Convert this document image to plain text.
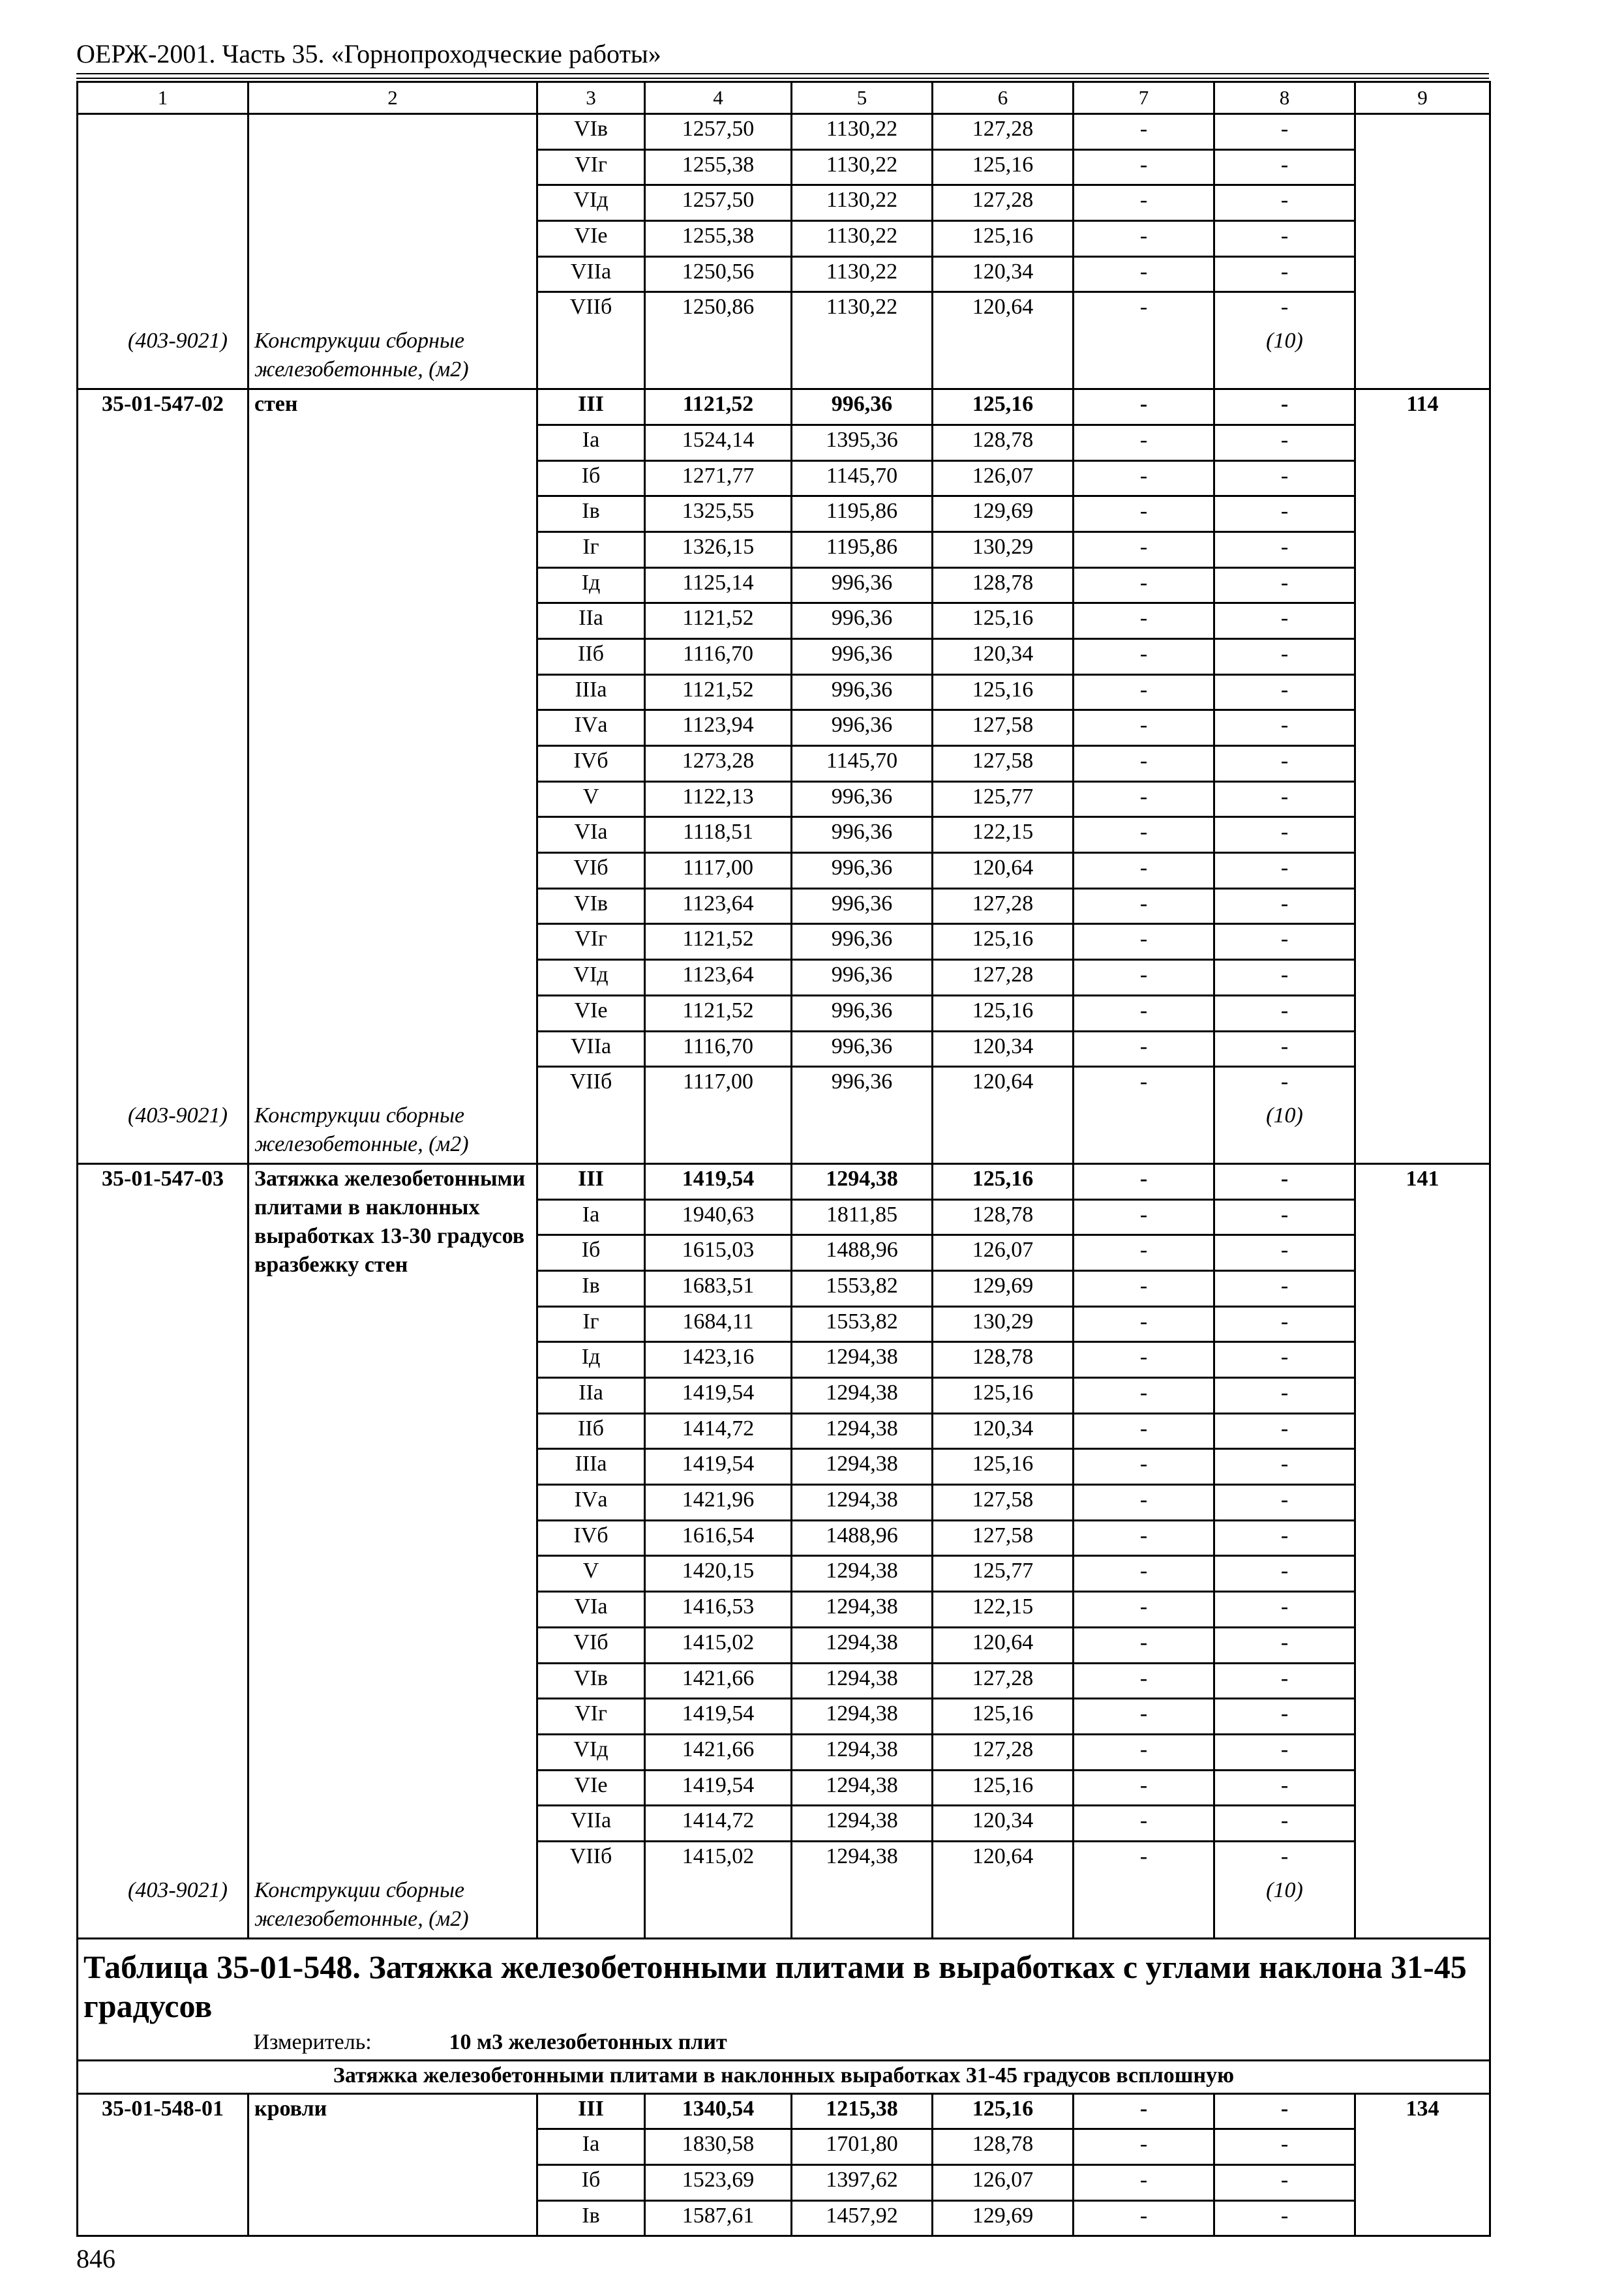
ОЕРЖ-2001. Часть 35. «Горнопроходческие работы»
1	2	3	4	5	6	7	8	9
		VIв	1257,50	1130,22	127,28	-	-	
		VIг	1255,38	1130,22	125,16	-	-	
		VIд	1257,50	1130,22	127,28	-	-	
		VIе	1255,38	1130,22	125,16	-	-	
		VIIа	1250,56	1130,22	120,34	-	-	
		VIIб	1250,86	1130,22	120,64	-	-	
(403-9021)	Конструкции сборные железобетонные, (м2)						(10)	
35-01-547-02	стен	III	1121,52	996,36	125,16	-	-	114
		Iа	1524,14	1395,36	128,78	-	-	
		Iб	1271,77	1145,70	126,07	-	-	
		Iв	1325,55	1195,86	129,69	-	-	
		Iг	1326,15	1195,86	130,29	-	-	
		Iд	1125,14	996,36	128,78	-	-	
		IIа	1121,52	996,36	125,16	-	-	
		IIб	1116,70	996,36	120,34	-	-	
		IIIа	1121,52	996,36	125,16	-	-	
		IVа	1123,94	996,36	127,58	-	-	
		IVб	1273,28	1145,70	127,58	-	-	
		V	1122,13	996,36	125,77	-	-	
		VIа	1118,51	996,36	122,15	-	-	
		VIб	1117,00	996,36	120,64	-	-	
		VIв	1123,64	996,36	127,28	-	-	
		VIг	1121,52	996,36	125,16	-	-	
		VIд	1123,64	996,36	127,28	-	-	
		VIе	1121,52	996,36	125,16	-	-	
		VIIа	1116,70	996,36	120,34	-	-	
		VIIб	1117,00	996,36	120,64	-	-	
(403-9021)	Конструкции сборные железобетонные, (м2)						(10)	
35-01-547-03	Затяжка железобетонными плитами в наклонных выработках 13-30 градусов вразбежку стен	III	1419,54	1294,38	125,16	-	-	141
		Iа	1940,63	1811,85	128,78	-	-	
		Iб	1615,03	1488,96	126,07	-	-	
		Iв	1683,51	1553,82	129,69	-	-	
		Iг	1684,11	1553,82	130,29	-	-	
		Iд	1423,16	1294,38	128,78	-	-	
		IIа	1419,54	1294,38	125,16	-	-	
		IIб	1414,72	1294,38	120,34	-	-	
		IIIа	1419,54	1294,38	125,16	-	-	
		IVа	1421,96	1294,38	127,58	-	-	
		IVб	1616,54	1488,96	127,58	-	-	
		V	1420,15	1294,38	125,77	-	-	
		VIа	1416,53	1294,38	122,15	-	-	
		VIб	1415,02	1294,38	120,64	-	-	
		VIв	1421,66	1294,38	127,28	-	-	
		VIг	1419,54	1294,38	125,16	-	-	
		VIд	1421,66	1294,38	127,28	-	-	
		VIе	1419,54	1294,38	125,16	-	-	
		VIIа	1414,72	1294,38	120,34	-	-	
		VIIб	1415,02	1294,38	120,64	-	-	
(403-9021)	Конструкции сборные железобетонные, (м2)						(10)	
Таблица 35-01-548. Затяжка железобетонными плитами в выработках с углами наклона 31-45 градусов								
	Измеритель: 10 м3 железобетонных плит							
Затяжка железобетонными плитами в наклонных выработках 31-45 градусов всплошную								
35-01-548-01	кровли	III	1340,54	1215,38	125,16	-	-	134
		Iа	1830,58	1701,80	128,78	-	-	
		Iб	1523,69	1397,62	126,07	-	-	
		Iв	1587,61	1457,92	129,69	-	-	
846
